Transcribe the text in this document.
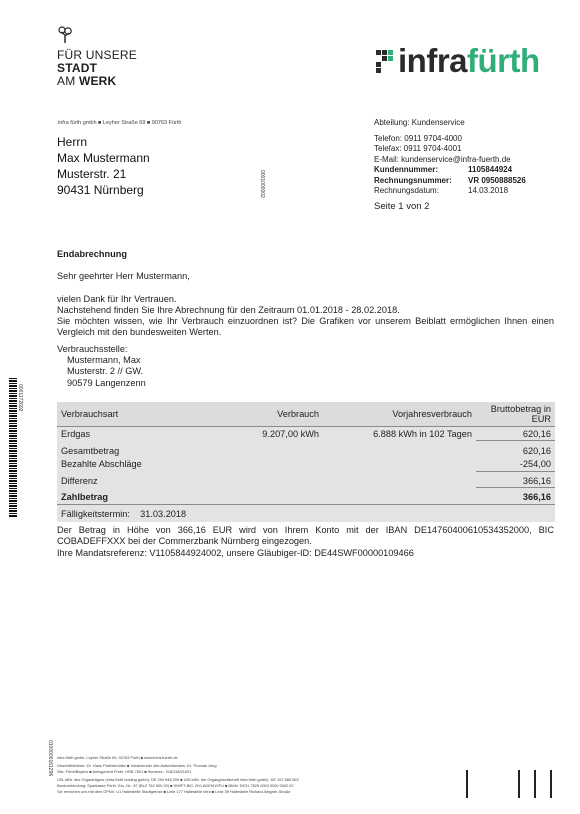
FÜR UNSERE
STADT
AM WERK
infrafürth
infra fürth gmbh ■ Leyher Straße 69 ■ 90763 Fürth
Herrn
Max Mustermann
Musterstr. 21
90431 Nürnberg	0001000002
0001172692
0100000161296
Abteilung: Kundenservice
Telefon: 0911 9704-4000
Telefax: 0911 9704-4001
E-Mail: kundenservice@infra-fuerth.de
Kundennummer:	1105844924
Rechnungsnummer:	VR 0950888526
Rechnungsdatum:	14.03.2018
Seite 1 von 2
Endabrechnung
Sehr geehrter Herr Mustermann,
vielen Dank für Ihr Vertrauen.
Nachstehend finden Sie Ihre Abrechnung für den Zeitraum 01.01.2018 - 28.02.2018.
Sie möchten wissen, wie Ihr Verbrauch einzuordnen ist? Die Grafiken vor unserem Beiblatt ermöglichen Ihnen einen Vergleich mit den bundesweiten Werten.
Verbrauchsstelle:
Mustermann, Max
Musterstr. 2 // GW.
90579 Langenzenn
Verbrauchsart	Verbrauch	Vorjahresverbrauch	Bruttobetrag in EUR
Erdgas	9.207,00 kWh	6.888 kWh in 102 Tagen	620,16
Gesamtbetrag			620,16
Bezahlte Abschläge			-254,00
Differenz			366,16
Zahlbetrag			366,16
Fälligkeitstermin: 31.03.2018			
Der Betrag in Höhe von 366,16 EUR wird von Ihrem Konto mit der IBAN DE14760400610534352000, BIC COBADEFFXXX bei der Commerzbank Nürnberg eingezogen.
Ihre Mandatsreferenz: V1105844924002, unsere Gläubiger-ID: DE44SWF00000109466

infra fürth gmbh, Leyher Straße 69, 90763 Fürth ■ www.infra-fuerth.de

Geschäftsführer: Dr. Hans Partheimüller ■ Vorsitzender des Aufsichtsrates: Dr. Thomas Jung

Sitz: Fürth/Bayern ■ Amtsgericht Fürth, HRB 7501 ■ Steuernr.: 218/118/21001

USt-IdNr. des Organträgers (infra fürth holding gmbh): DE 294 948 209 ■ USt-IdNr. der Organgesellschaft infra fürth gmbh): DE 197 665 562

Bankverbindung: Sparkasse Fürth, Kto.-Nr.: 87 (BLZ 762 500 00) ■ SWIFT-BIC: BYLADEM1SFU ■ IBAN: DE31 7625 0000 0000 0000 87

Sie erreichen uns mit dem ÖPNV: U1 Haltestelle Stadtgrenze ■ Linie 177 Haltestelle infra ■ Linie 39 Haltestelle Richard-Wagner-Straße
